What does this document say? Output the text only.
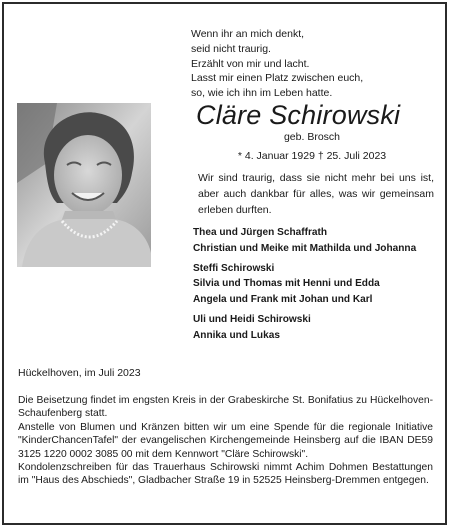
Wenn ihr an mich denkt,
seid nicht traurig.
Erzählt von mir und lacht.
Lasst mir einen Platz zwischen euch,
so, wie ich ihn im Leben hatte.
Cläre Schirowski
geb. Brosch
* 4. Januar 1929 † 25. Juli 2023
Wir sind traurig, dass sie nicht mehr bei uns ist, aber auch dankbar für alles, was wir gemeinsam erleben durften.
Thea und Jürgen Schaffrath
Christian und Meike mit Mathilda und Johanna
Steffi Schirowski
Silvia und Thomas mit Henni und Edda
Angela und Frank mit Johan und Karl
Uli und Heidi Schirowski
Annika und Lukas
Hückelhoven, im Juli 2023

Die Beisetzung findet im engsten Kreis in der Grabeskirche St. Bonifatius zu Hückelhoven-Schaufenberg statt.

Anstelle von Blumen und Kränzen bitten wir um eine Spende für die regionale Initiative "KinderChancenTafel" der evangelischen Kirchengemeinde Heinsberg auf die IBAN DE59 3125 1220 0002 3085 00 mit dem Kennwort "Cläre Schirowski".

Kondolenzschreiben für das Trauerhaus Schirowski nimmt Achim Dohmen Bestattungen im "Haus des Abschieds", Gladbacher Straße 19 in 52525 Heinsberg-Dremmen entgegen.
